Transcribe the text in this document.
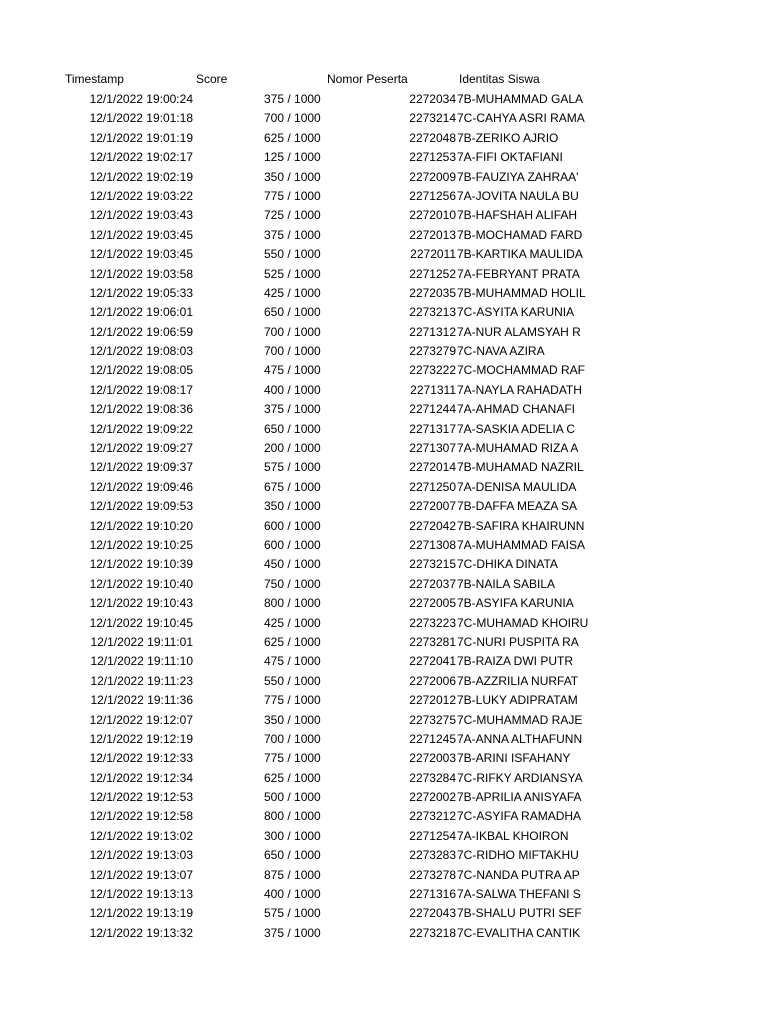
Timestamp	Score	Nomor Peserta	Identitas Siswa
12/1/2022 19:00:24	375 / 1000	2272034 7B-MUHAMMAD GALA
12/1/2022 19:01:18	700 / 1000	2273214 7C-CAHYA ASRI RAMA
12/1/2022 19:01:19	625 / 1000	2272048 7B-ZERIKO AJRIO
12/1/2022 19:02:17	125 / 1000	2271253 7A-FIFI OKTAFIANI
12/1/2022 19:02:19	350 / 1000	2272009 7B-FAUZIYA ZAHRAA'
12/1/2022 19:03:22	775 / 1000	2271256 7A-JOVITA NAULA BU
12/1/2022 19:03:43	725 / 1000	2272010 7B-HAFSHAH ALIFAH
12/1/2022 19:03:45	375 / 1000	2272013 7B-MOCHAMAD FARD
12/1/2022 19:03:45	550 / 1000	2272011 7B-KARTIKA MAULIDA
12/1/2022 19:03:58	525 / 1000	2271252 7A-FEBRYANT PRATA
12/1/2022 19:05:33	425 / 1000	2272035 7B-MUHAMMAD HOLIL
12/1/2022 19:06:01	650 / 1000	2273213 7C-ASYITA KARUNIA
12/1/2022 19:06:59	700 / 1000	2271312 7A-NUR ALAMSYAH R
12/1/2022 19:08:03	700 / 1000	2273279 7C-NAVA AZIRA
12/1/2022 19:08:05	475 / 1000	2273222 7C-MOCHAMMAD RAF
12/1/2022 19:08:17	400 / 1000	2271311 7A-NAYLA RAHADATH
12/1/2022 19:08:36	375 / 1000	2271244 7A-AHMAD CHANAFI
12/1/2022 19:09:22	650 / 1000	2271317 7A-SASKIA ADELIA C
12/1/2022 19:09:27	200 / 1000	2271307 7A-MUHAMAD RIZA A
12/1/2022 19:09:37	575 / 1000	2272014 7B-MUHAMAD NAZRIL
12/1/2022 19:09:46	675 / 1000	2271250 7A-DENISA MAULIDA
12/1/2022 19:09:53	350 / 1000	2272007 7B-DAFFA MEAZA SA
12/1/2022 19:10:20	600 / 1000	2272042 7B-SAFIRA KHAIRUNN
12/1/2022 19:10:25	600 / 1000	2271308 7A-MUHAMMAD FAISA
12/1/2022 19:10:39	450 / 1000	2273215 7C-DHIKA DINATA
12/1/2022 19:10:40	750 / 1000	2272037 7B-NAILA SABILA
12/1/2022 19:10:43	800 / 1000	2272005 7B-ASYIFA KARUNIA
12/1/2022 19:10:45	425 / 1000	2273223 7C-MUHAMAD KHOIRU
12/1/2022 19:11:01	625 / 1000	2273281 7C-NURI PUSPITA RA
12/1/2022 19:11:10	475 / 1000	2272041 7B-RAIZA DWI PUTR
12/1/2022 19:11:23	550 / 1000	2272006 7B-AZZRILIA NURFAT
12/1/2022 19:11:36	775 / 1000	2272012 7B-LUKY ADIPRATAM
12/1/2022 19:12:07	350 / 1000	2273275 7C-MUHAMMAD RAJE
12/1/2022 19:12:19	700 / 1000	2271245 7A-ANNA ALTHAFUNN
12/1/2022 19:12:33	775 / 1000	2272003 7B-ARINI ISFAHANY
12/1/2022 19:12:34	625 / 1000	2273284 7C-RIFKY ARDIANSYA
12/1/2022 19:12:53	500 / 1000	2272002 7B-APRILIA ANISYAFA
12/1/2022 19:12:58	800 / 1000	2273212 7C-ASYIFA RAMADHA
12/1/2022 19:13:02	300 / 1000	2271254 7A-IKBAL KHOIRON
12/1/2022 19:13:03	650 / 1000	2273283 7C-RIDHO MIFTAKHU
12/1/2022 19:13:07	875 / 1000	2273278 7C-NANDA PUTRA AP
12/1/2022 19:13:13	400 / 1000	2271316 7A-SALWA THEFANI S
12/1/2022 19:13:19	575 / 1000	2272043 7B-SHALU PUTRI SEF
12/1/2022 19:13:32	375 / 1000	2273218 7C-EVALITHA CANTIK
